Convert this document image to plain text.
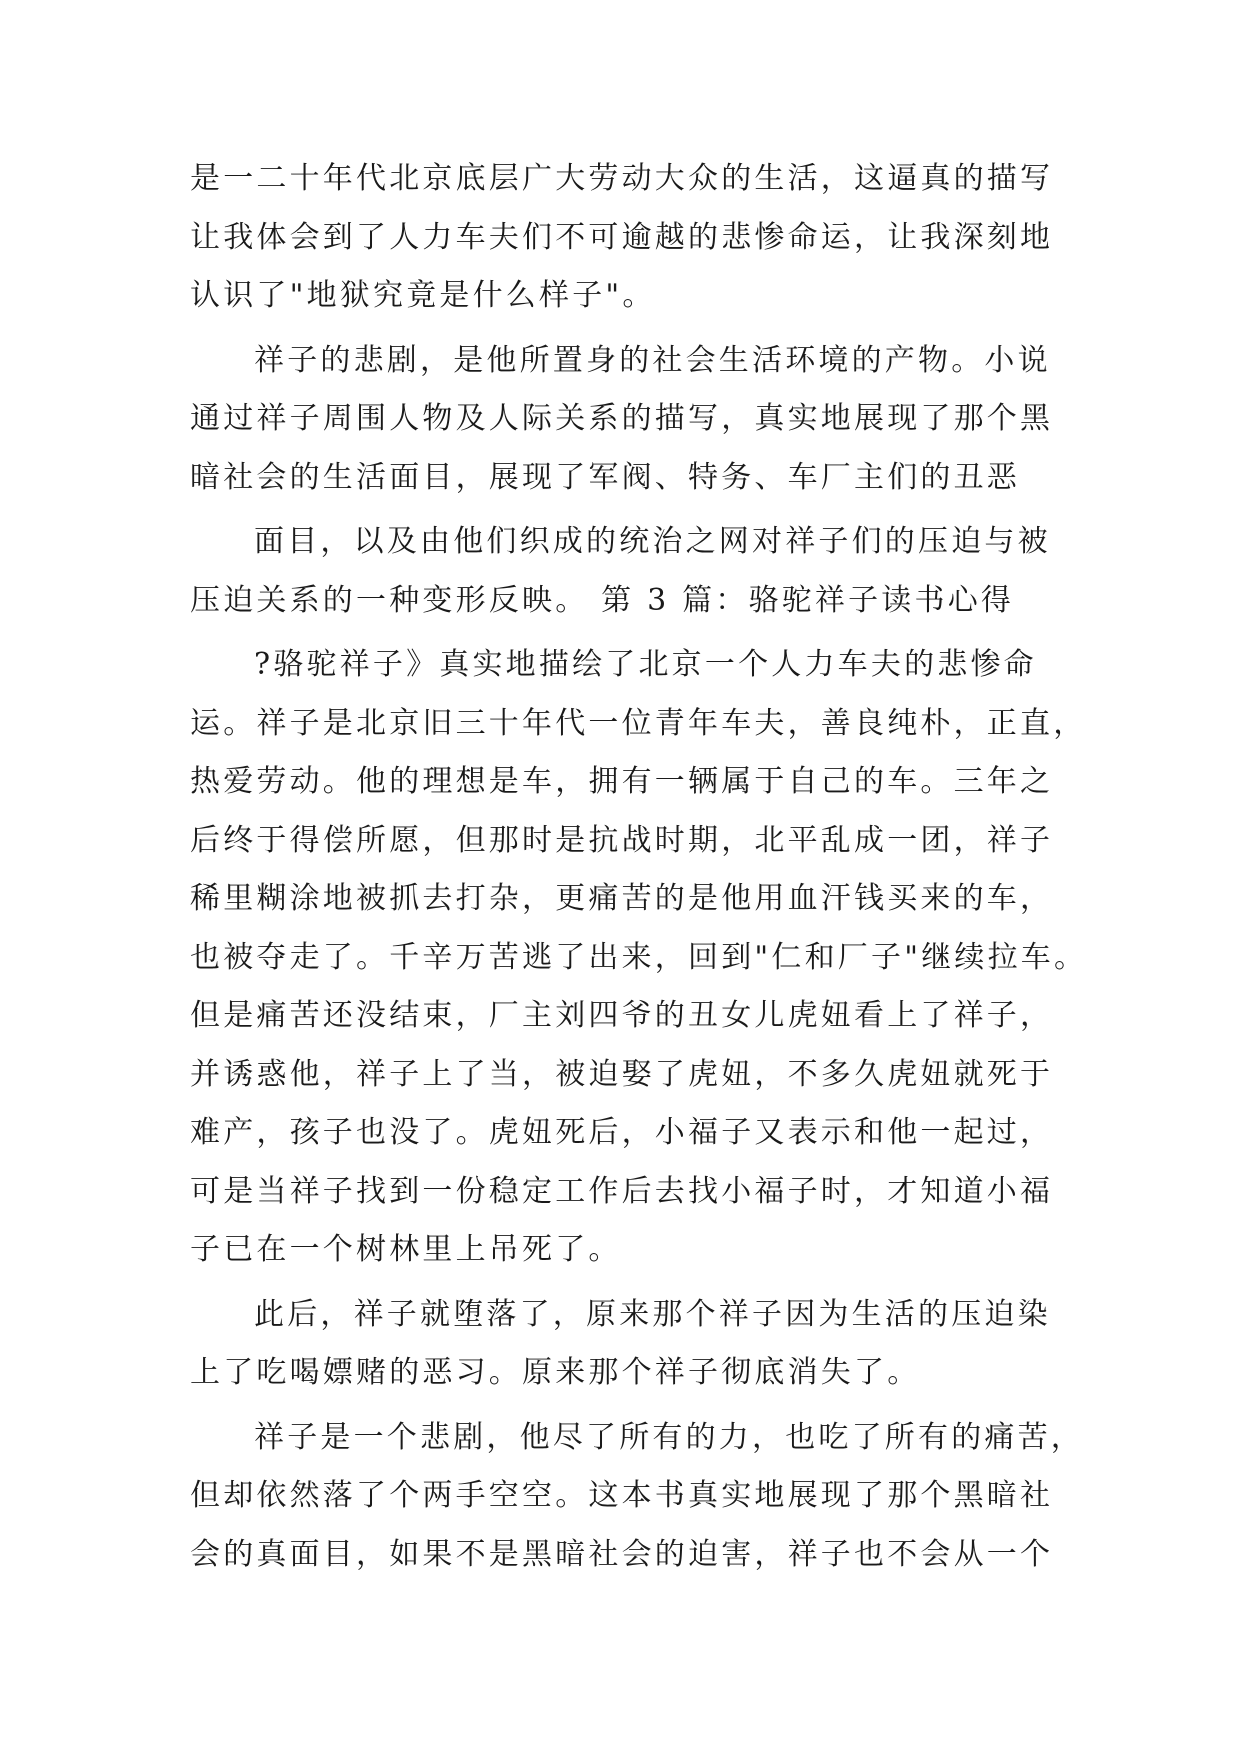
是一二十年代北京底层广大劳动大众的生活，这逼真的描写
让我体会到了人力车夫们不可逾越的悲惨命运，让我深刻地
认识了"地狱究竟是什么样子"。
祥子的悲剧，是他所置身的社会生活环境的产物。小说
通过祥子周围人物及人际关系的描写，真实地展现了那个黑
暗社会的生活面目，展现了军阀、特务、车厂主们的丑恶
面目，以及由他们织成的统治之网对祥子们的压迫与被
压迫关系的一种变形反映。 第 3 篇：骆驼祥子读书心得
?骆驼祥子》真实地描绘了北京一个人力车夫的悲惨命
运。祥子是北京旧三十年代一位青年车夫，善良纯朴，正直，
热爱劳动。他的理想是车，拥有一辆属于自己的车。三年之
后终于得偿所愿，但那时是抗战时期，北平乱成一团，祥子
稀里糊涂地被抓去打杂，更痛苦的是他用血汗钱买来的车，
也被夺走了。千辛万苦逃了出来，回到"仁和厂子"继续拉车。
但是痛苦还没结束，厂主刘四爷的丑女儿虎妞看上了祥子，
并诱惑他，祥子上了当，被迫娶了虎妞，不多久虎妞就死于
难产，孩子也没了。虎妞死后，小福子又表示和他一起过，
可是当祥子找到一份稳定工作后去找小福子时，才知道小福
子已在一个树林里上吊死了。
此后，祥子就堕落了，原来那个祥子因为生活的压迫染
上了吃喝嫖赌的恶习。原来那个祥子彻底消失了。
祥子是一个悲剧，他尽了所有的力，也吃了所有的痛苦，
但却依然落了个两手空空。这本书真实地展现了那个黑暗社
会的真面目，如果不是黑暗社会的迫害，祥子也不会从一个
